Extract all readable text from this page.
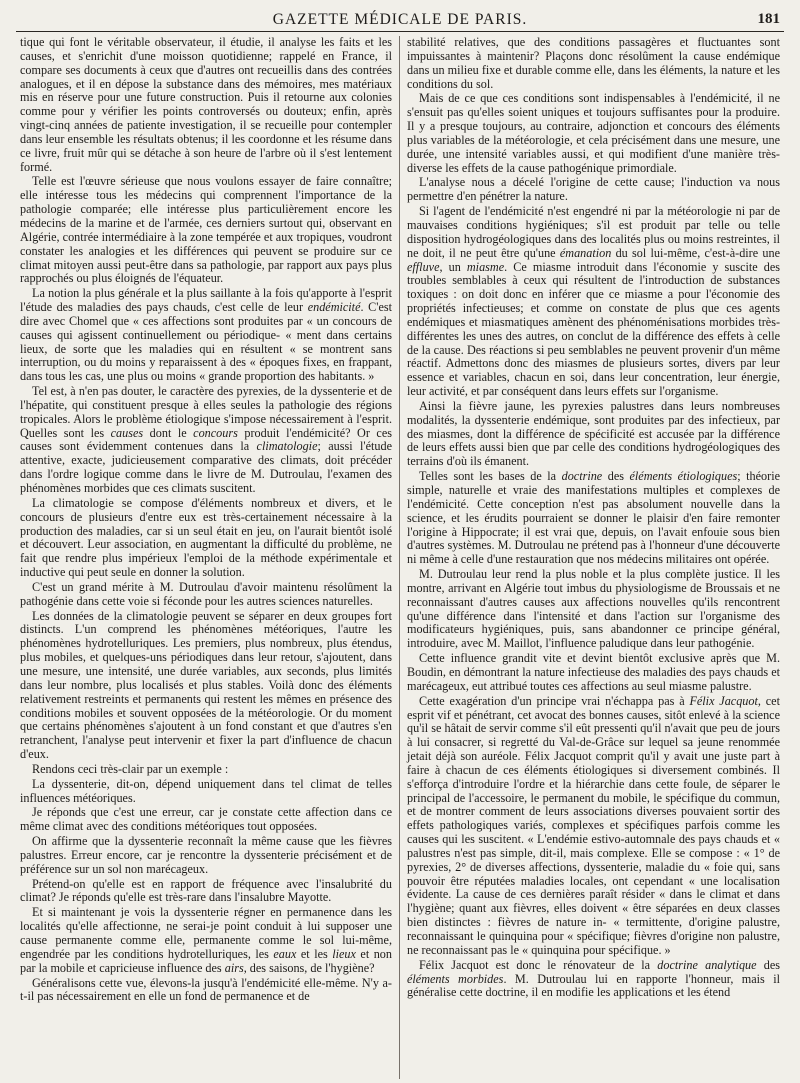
GAZETTE MÉDICALE DE PARIS.	181

tique qui font le véritable observateur, il étudie, il analyse les faits et les causes, et s'enrichit d'une moisson quotidienne; rappelé en France, il compare ses documents à ceux que d'autres ont recueillis dans des contrées analogues, et il en dépose la substance dans des mémoires, mes matériaux mis en réserve pour une future construction. Puis il retourne aux colonies comme pour y vérifier les points controversés ou douteux; enfin, après vingt-cinq années de patiente investigation, il se recueille pour contempler dans leur ensemble les résultats obtenus; il les coordonne et les résume dans ce livre, fruit mûr qui se détache à son heure de l'arbre où il s'est lentement formé.

Telle est l'œuvre sérieuse que nous voulons essayer de faire connaître; elle intéresse tous les médecins qui comprennent l'importance de la pathologie comparée; elle intéresse plus particulièrement encore les médecins de la marine et de l'armée, ces derniers surtout qui, observant en Algérie, contrée intermédiaire à la zone tempérée et aux tropiques, voudront constater les analogies et les différences qui peuvent se produire sur ce climat mitoyen aussi peut-être dans sa pathologie, par rapport aux pays plus rapprochés ou plus éloignés de l'équateur.

La notion la plus générale et la plus saillante à la fois qu'apporte à l'esprit l'étude des maladies des pays chauds, c'est celle de leur endémicité. C'est dire avec Chomel que « ces affections sont produites par « un concours de causes qui agissent continuellement ou périodique- « ment dans certains lieux, de sorte que les maladies qui en résultent « se montrent sans interruption, ou du moins y reparaissent à des « époques fixes, en frappant, dans tous les cas, une plus ou moins « grande proportion des habitants. »

Tel est, à n'en pas douter, le caractère des pyrexies, de la dyssenterie et de l'hépatite, qui constituent presque à elles seules la pathologie des régions tropicales. Alors le problème étiologique s'impose nécessairement à l'esprit. Quelles sont les causes dont le concours produit l'endémicité? Or ces causes sont évidemment contenues dans la climatologie; aussi l'étude attentive, exacte, judicieusement comparative des climats, doit précéder dans l'ordre logique comme dans le livre de M. Dutroulau, l'examen des phénomènes morbides que ces climats suscitent.

La climatologie se compose d'éléments nombreux et divers, et le concours de plusieurs d'entre eux est très-certainement nécessaire à la production des maladies, car si un seul était en jeu, on l'aurait bientôt isolé et découvert. Leur association, en augmentant la difficulté du problème, ne fait que rendre plus impérieux l'emploi de la méthode expérimentale et inductive qui peut seule en donner la solution.

C'est un grand mérite à M. Dutroulau d'avoir maintenu résolûment la pathogénie dans cette voie si féconde pour les autres sciences naturelles.

Les données de la climatologie peuvent se séparer en deux groupes fort distincts. L'un comprend les phénomènes météoriques, l'autre les phénomènes hydrotelluriques. Les premiers, plus nombreux, plus étendus, plus mobiles, et quelques-uns périodiques dans leur retour, s'ajoutent, dans une mesure, une intensité, une durée variables, aux seconds, plus limités dans leur nombre, plus localisés et plus stables. Voilà donc des éléments relativement restreints et permanents qui restent les mêmes en présence des conditions mobiles et souvent opposées de la météorologie. Or du moment que certains phénomènes s'ajoutent à un fond constant et que d'autres s'en retranchent, l'analyse peut intervenir et fixer la part d'influence de chacun d'eux.

Rendons ceci très-clair par un exemple :

La dyssenterie, dit-on, dépend uniquement dans tel climat de telles influences météoriques.

Je réponds que c'est une erreur, car je constate cette affection dans ce même climat avec des conditions météoriques tout opposées.

On affirme que la dyssenterie reconnaît la même cause que les fièvres palustres. Erreur encore, car je rencontre la dyssenterie précisément et de préférence sur un sol non marécageux.

Prétend-on qu'elle est en rapport de fréquence avec l'insalubrité du climat? Je réponds qu'elle est très-rare dans l'insalubre Mayotte.

Et si maintenant je vois la dyssenterie régner en permanence dans les localités qu'elle affectionne, ne serai-je point conduit à lui supposer une cause permanente comme elle, permanente comme le sol lui-même, engendrée par les conditions hydrotelluriques, les eaux et les lieux et non par la mobile et capricieuse influence des airs, des saisons, de l'hygiène?

Généralisons cette vue, élevons-la jusqu'à l'endémicité elle-même. N'y a-t-il pas nécessairement en elle un fond de permanence et de

stabilité relatives, que des conditions passagères et fluctuantes sont impuissantes à maintenir? Plaçons donc résolûment la cause endémique dans un milieu fixe et durable comme elle, dans les éléments, la nature et les conditions du sol.

Mais de ce que ces conditions sont indispensables à l'endémicité, il ne s'ensuit pas qu'elles soient uniques et toujours suffisantes pour la produire. Il y a presque toujours, au contraire, adjonction et concours des éléments plus variables de la météorologie, et cela précisément dans une mesure, une durée, une intensité variables aussi, et qui modifient d'une manière très-diverse les effets de la cause pathogénique primordiale.

L'analyse nous a décelé l'origine de cette cause; l'induction va nous permettre d'en pénétrer la nature.

Si l'agent de l'endémicité n'est engendré ni par la météorologie ni par de mauvaises conditions hygiéniques; s'il est produit par telle ou telle disposition hydrogéologiques dans des localités plus ou moins restreintes, il ne doit, il ne peut être qu'une émanation du sol lui-même, c'est-à-dire une effluve, un miasme. Ce miasme introduit dans l'économie y suscite des troubles semblables à ceux qui résultent de l'introduction de substances toxiques : on doit donc en inférer que ce miasme a pour l'économie des propriétés infectieuses; et comme on constate de plus que ces agents endémiques et miasmatiques amènent des phénoménisations morbides très-différentes les unes des autres, on conclut de la différence des effets à celle de la cause. Des réactions si peu semblables ne peuvent provenir d'un même réactif. Admettons donc des miasmes de plusieurs sortes, divers par leur essence et variables, chacun en soi, dans leur concentration, leur énergie, leur activité, et par conséquent dans leurs effets sur l'organisme.

Ainsi la fièvre jaune, les pyrexies palustres dans leurs nombreuses modalités, la dyssenterie endémique, sont produites par des infectieux, par des miasmes, dont la différence de spécificité est accusée par la différence de leurs effets aussi bien que par celle des conditions hydrogéologiques des terrains d'où ils émanent.

Telles sont les bases de la doctrine des éléments étiologiques; théorie simple, naturelle et vraie des manifestations multiples et complexes de l'endémicité. Cette conception n'est pas absolument nouvelle dans la science, et les érudits pourraient se donner le plaisir d'en faire remonter l'origine à Hippocrate; il est vrai que, depuis, on l'avait enfouie sous bien d'autres systèmes. M. Dutroulau ne prétend pas à l'honneur d'une découverte ni même à celle d'une restauration que nos médecins militaires ont opérée.

M. Dutroulau leur rend la plus noble et la plus complète justice. Il les montre, arrivant en Algérie tout imbus du physiologisme de Broussais et ne reconnaissant d'autres causes aux affections nouvelles qu'ils rencontrent qu'une différence dans l'intensité et dans l'action sur l'organisme des modificateurs hygiéniques, puis, sans abandonner ce principe général, introduire, avec M. Maillot, l'influence paludique dans leur pathogénie.

Cette influence grandit vite et devint bientôt exclusive après que M. Boudin, en démontrant la nature infectieuse des maladies des pays chauds et marécageux, eut attribué toutes ces affections au seul miasme palustre.

Cette exagération d'un principe vrai n'échappa pas à Félix Jacquot, cet esprit vif et pénétrant, cet avocat des bonnes causes, sitôt enlevé à la science qu'il se hâtait de servir comme s'il eût pressenti qu'il n'avait que peu de jours à lui consacrer, si regretté du Val-de-Grâce sur lequel sa jeune renommée jetait déjà son auréole. Félix Jacquot comprit qu'il y avait une juste part à faire à chacun de ces éléments étiologiques si diversement combinés. Il s'efforça d'introduire l'ordre et la hiérarchie dans cette foule, de séparer le principal de l'accessoire, le permanent du mobile, le spécifique du commun, et de montrer comment de leurs associations diverses pouvaient sortir des effets pathologiques variés, complexes et spécifiques parfois comme les causes qui les suscitent. « L'endémie estivo-automnale des pays chauds et « palustres n'est pas simple, dit-il, mais complexe. Elle se compose : « 1° de pyrexies, 2° de diverses affections, dyssenterie, maladie du « foie qui, sans pouvoir être réputées maladies locales, ont cependant « une localisation évidente. La cause de ces dernières paraît résider « dans le climat et dans l'hygiène; quant aux fièvres, elles doivent « être séparées en deux classes bien distinctes : fièvres de nature in- « termittente, d'origine palustre, reconnaissant le quinquina pour « spécifique; fièvres d'origine non palustre, ne reconnaissant pas le « quinquina pour spécifique. »

Félix Jacquot est donc le rénovateur de la doctrine analytique des éléments morbides. M. Dutroulau lui en rapporte l'honneur, mais il généralise cette doctrine, il en modifie les applications et les étend
